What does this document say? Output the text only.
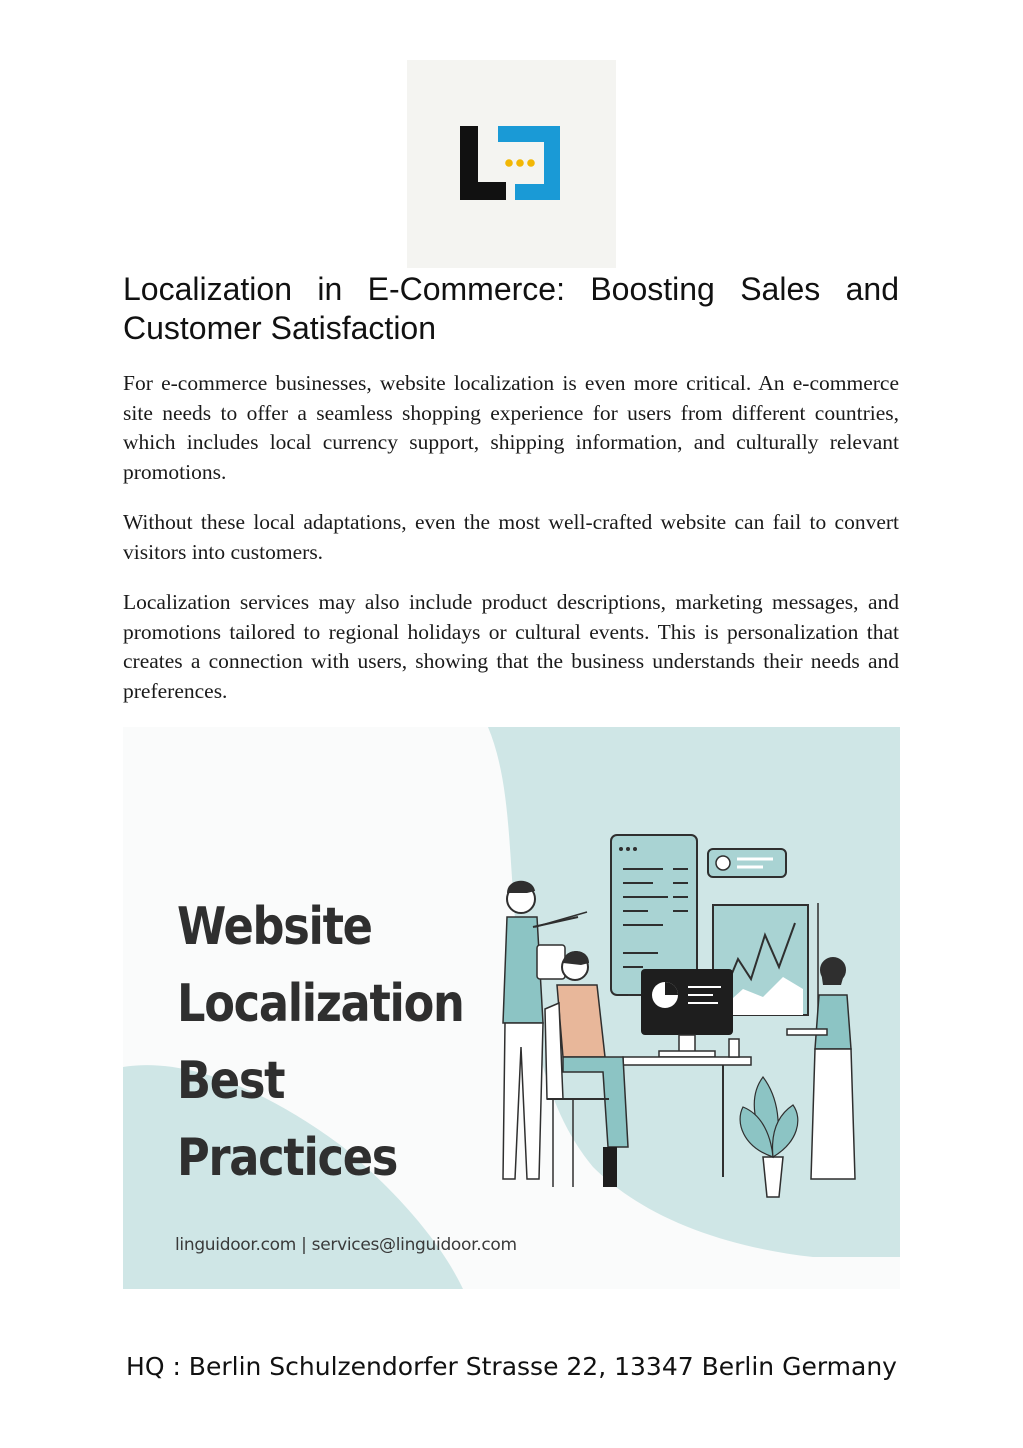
Localization in E-Commerce: Boosting Sales and Customer Satisfaction

For e-commerce businesses, website localization is even more critical. An e-commerce site needs to offer a seamless shopping experience for users from different countries, which includes local currency support, shipping information, and culturally relevant promotions.

Without these local adaptations, even the most well-crafted website can fail to convert visitors into customers.

Localization services may also include product descriptions, marketing messages, and promotions tailored to regional holidays or cultural events. This is personalization that creates a connection with users, showing that the business understands their needs and preferences.

Website
Localization
Best
Practices

linguidoor.com | services@linguidoor.com

HQ : Berlin Schulzendorfer Strasse 22, 13347 Berlin Germany
